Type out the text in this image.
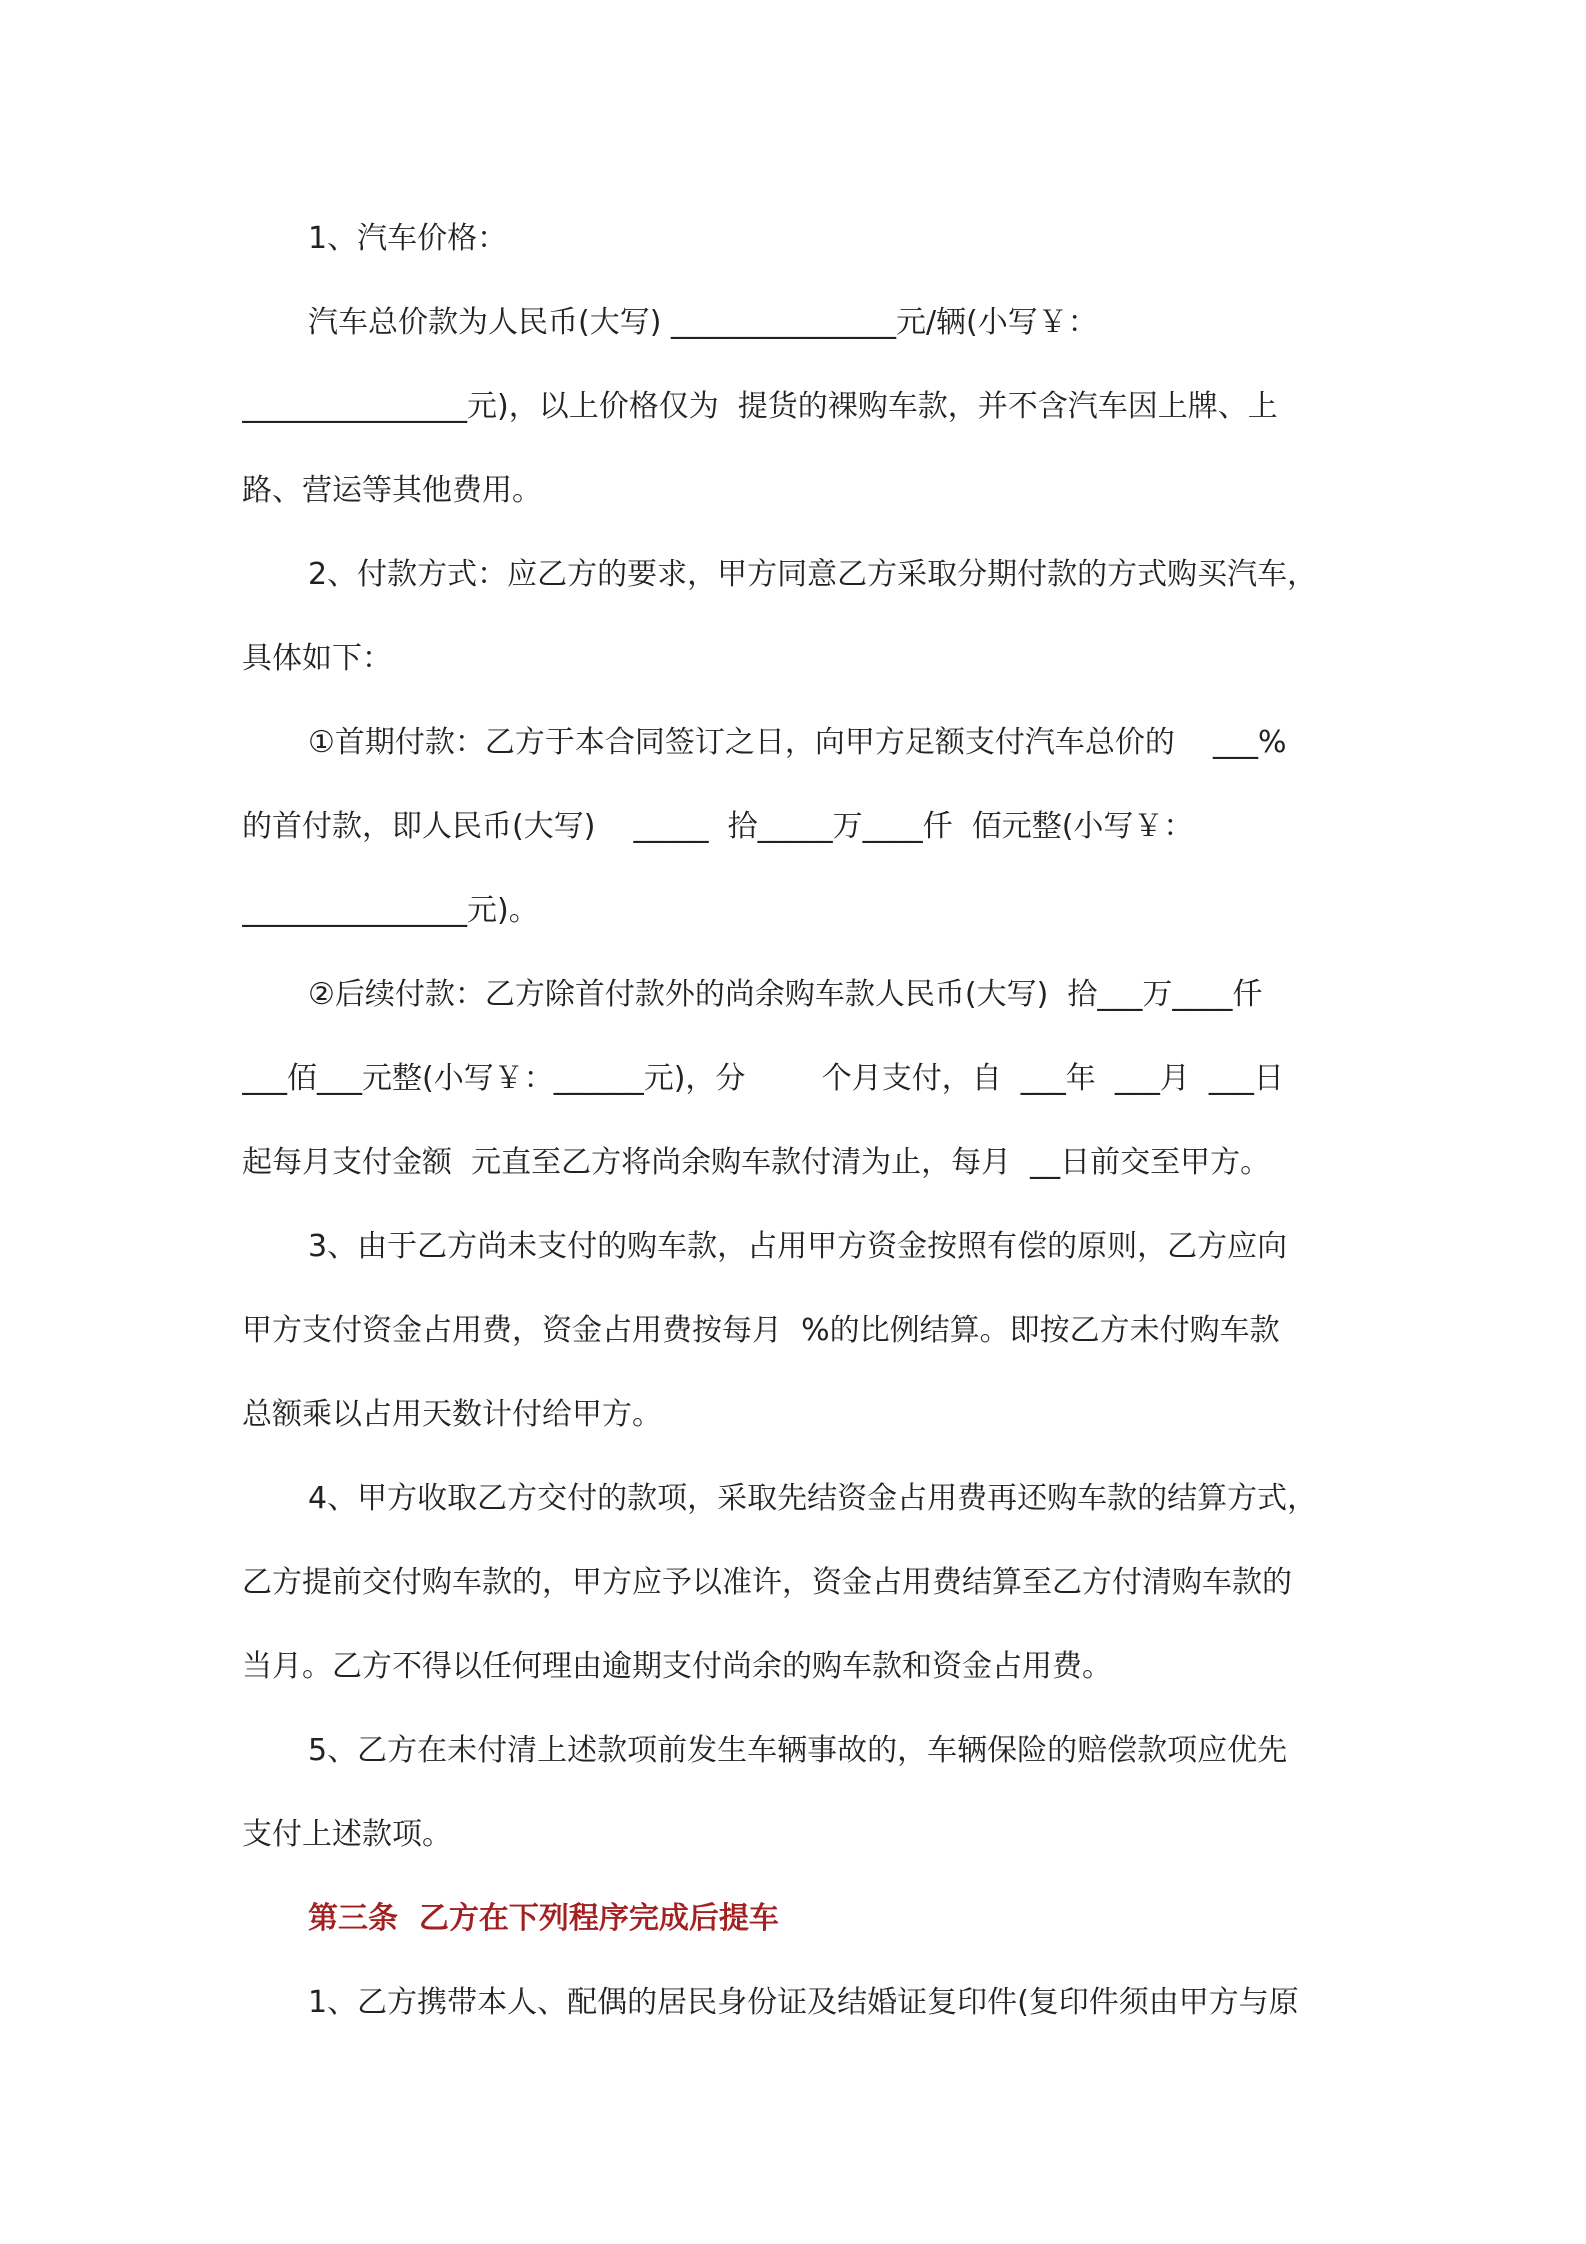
1、汽车价格：
汽车总价款为人民币(大写) _______________元/辆(小写￥：
_______________元)，以上价格仅为  提货的裸购车款，并不含汽车因上牌、上
路、营运等其他费用。
2、付款方式：应乙方的要求，甲方同意乙方采取分期付款的方式购买汽车，
具体如下：
①首期付款：乙方于本合同签订之日，向甲方足额支付汽车总价的    ___%
的首付款，即人民币(大写)    _____  拾_____万____仟  佰元整(小写￥：
_______________元)。
②后续付款：乙方除首付款外的尚余购车款人民币(大写)  拾___万____仟
___佰___元整(小写￥：______元)，分        个月支付，自  ___年  ___月  ___日
起每月支付金额  元直至乙方将尚余购车款付清为止，每月  __日前交至甲方。
3、由于乙方尚未支付的购车款，占用甲方资金按照有偿的原则，乙方应向
甲方支付资金占用费，资金占用费按每月  %的比例结算。即按乙方未付购车款
总额乘以占用天数计付给甲方。
4、甲方收取乙方交付的款项，采取先结资金占用费再还购车款的结算方式，
乙方提前交付购车款的，甲方应予以准许，资金占用费结算至乙方付清购车款的
当月。乙方不得以任何理由逾期支付尚余的购车款和资金占用费。
5、乙方在未付清上述款项前发生车辆事故的，车辆保险的赔偿款项应优先
支付上述款项。
第三条  乙方在下列程序完成后提车
1、乙方携带本人、配偶的居民身份证及结婚证复印件(复印件须由甲方与原
